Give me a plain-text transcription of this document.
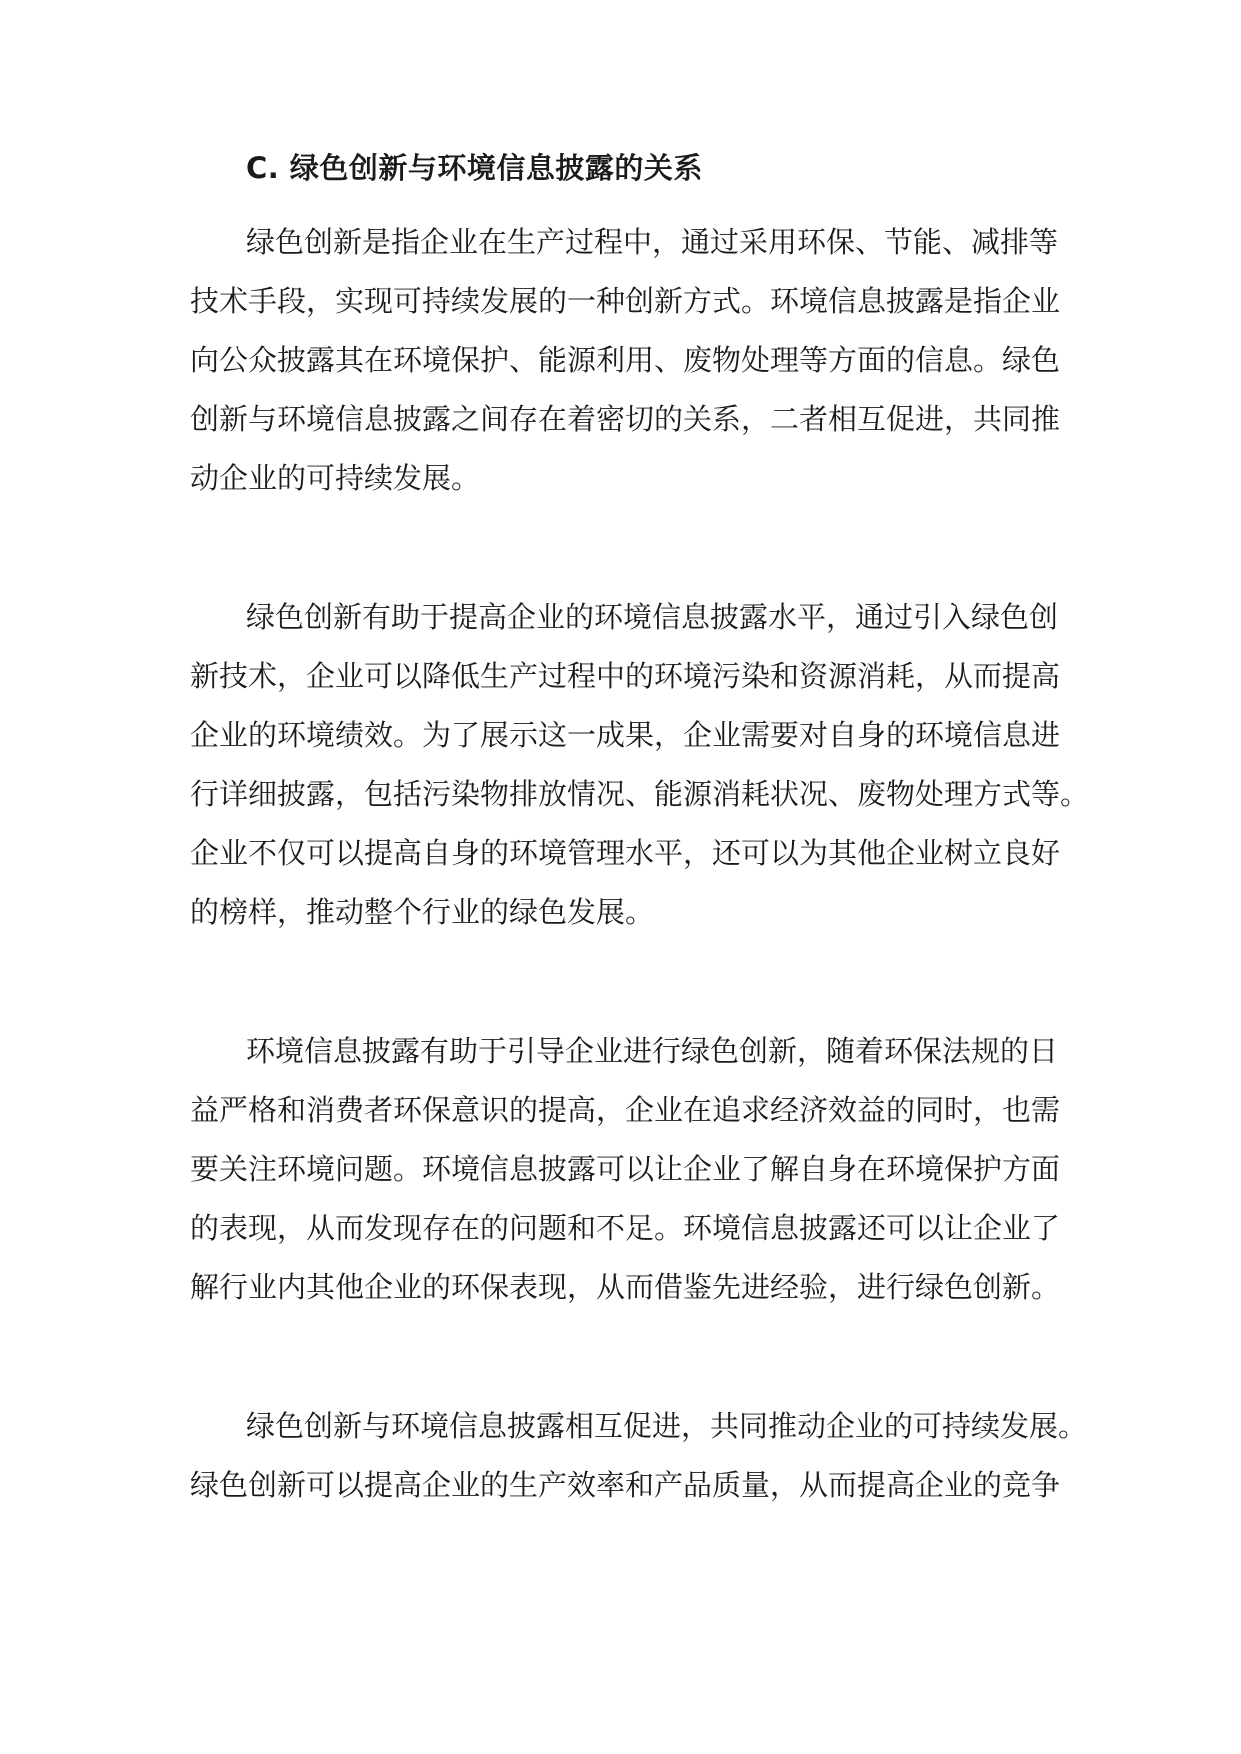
C. 绿色创新与环境信息披露的关系
绿色创新是指企业在生产过程中，通过采用环保、节能、减排等
技术手段，实现可持续发展的一种创新方式。环境信息披露是指企业
向公众披露其在环境保护、能源利用、废物处理等方面的信息。绿色
创新与环境信息披露之间存在着密切的关系，二者相互促进，共同推
动企业的可持续发展。
绿色创新有助于提高企业的环境信息披露水平，通过引入绿色创
新技术，企业可以降低生产过程中的环境污染和资源消耗，从而提高
企业的环境绩效。为了展示这一成果，企业需要对自身的环境信息进
行详细披露，包括污染物排放情况、能源消耗状况、废物处理方式等。
企业不仅可以提高自身的环境管理水平，还可以为其他企业树立良好
的榜样，推动整个行业的绿色发展。
环境信息披露有助于引导企业进行绿色创新，随着环保法规的日
益严格和消费者环保意识的提高，企业在追求经济效益的同时，也需
要关注环境问题。环境信息披露可以让企业了解自身在环境保护方面
的表现，从而发现存在的问题和不足。环境信息披露还可以让企业了
解行业内其他企业的环保表现，从而借鉴先进经验，进行绿色创新。
绿色创新与环境信息披露相互促进，共同推动企业的可持续发展。
绿色创新可以提高企业的生产效率和产品质量，从而提高企业的竞争
